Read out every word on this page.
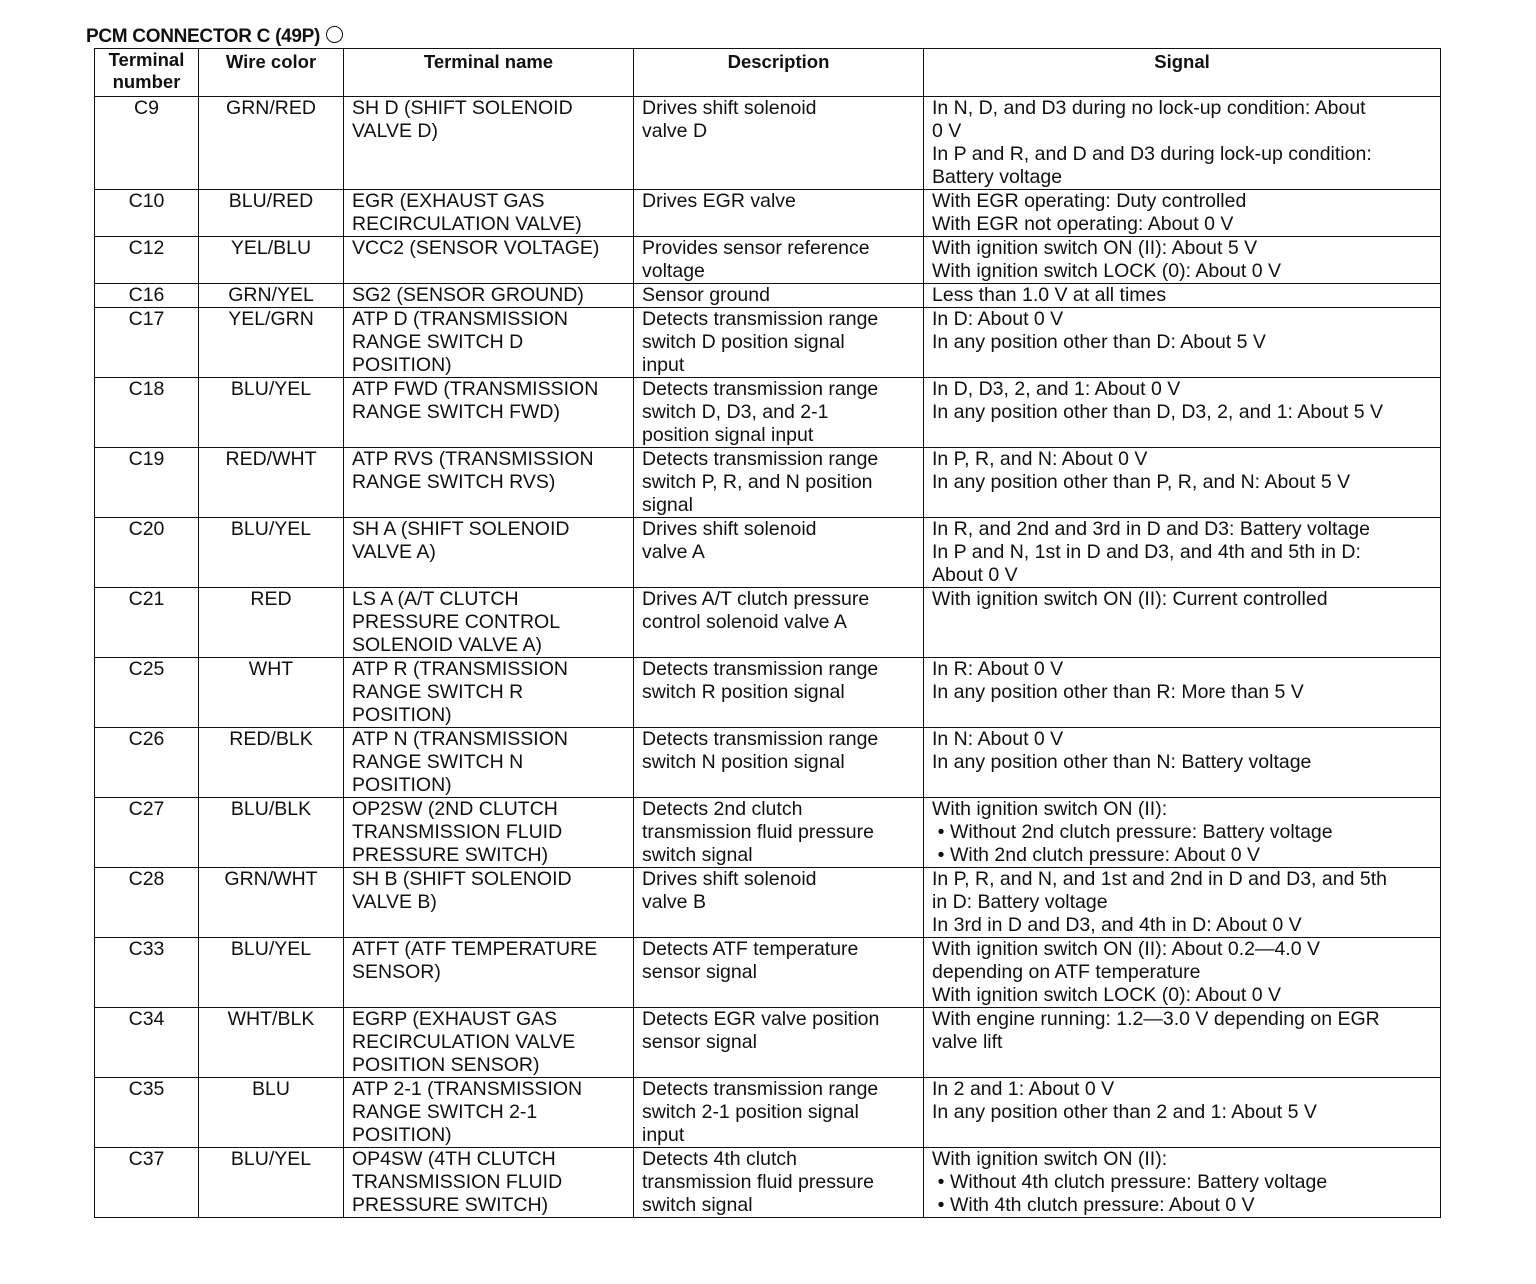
PCM CONNECTOR C (49P)
Terminal number	Wire color	Terminal name	Description	Signal

C9	GRN/RED	SH D (SHIFT SOLENOID
VALVE D)	Drives shift solenoid
valve D	In N, D, and D3 during no lock-up condition: About
0 V
In P and R, and D and D3 during lock-up condition:
Battery voltage

C10	BLU/RED	EGR (EXHAUST GAS
RECIRCULATION VALVE)	Drives EGR valve	With EGR operating: Duty controlled
With EGR not operating: About 0 V

C12	YEL/BLU	VCC2 (SENSOR VOLTAGE)	Provides sensor reference
voltage	With ignition switch ON (II): About 5 V
With ignition switch LOCK (0): About 0 V

C16	GRN/YEL	SG2 (SENSOR GROUND)	Sensor ground	Less than 1.0 V at all times

C17	YEL/GRN	ATP D (TRANSMISSION
RANGE SWITCH D
POSITION)	Detects transmission range
switch D position signal
input	In D: About 0 V
In any position other than D: About 5 V

C18	BLU/YEL	ATP FWD (TRANSMISSION
RANGE SWITCH FWD)	Detects transmission range
switch D, D3, and 2-1
position signal input	In D, D3, 2, and 1: About 0 V
In any position other than D, D3, 2, and 1: About 5 V

C19	RED/WHT	ATP RVS (TRANSMISSION
RANGE SWITCH RVS)	Detects transmission range
switch P, R, and N position
signal	In P, R, and N: About 0 V
In any position other than P, R, and N: About 5 V

C20	BLU/YEL	SH A (SHIFT SOLENOID
VALVE A)	Drives shift solenoid
valve A	In R, and 2nd and 3rd in D and D3: Battery voltage
In P and N, 1st in D and D3, and 4th and 5th in D:
About 0 V

C21	RED	LS A (A/T CLUTCH
PRESSURE CONTROL
SOLENOID VALVE A)	Drives A/T clutch pressure
control solenoid valve A	With ignition switch ON (II): Current controlled

C25	WHT	ATP R (TRANSMISSION
RANGE SWITCH R
POSITION)	Detects transmission range
switch R position signal	In R: About 0 V
In any position other than R: More than 5 V

C26	RED/BLK	ATP N (TRANSMISSION
RANGE SWITCH N
POSITION)	Detects transmission range
switch N position signal	In N: About 0 V
In any position other than N: Battery voltage

C27	BLU/BLK	OP2SW (2ND CLUTCH
TRANSMISSION FLUID
PRESSURE SWITCH)	Detects 2nd clutch
transmission fluid pressure
switch signal	With ignition switch ON (II):
• Without 2nd clutch pressure: Battery voltage
• With 2nd clutch pressure: About 0 V

C28	GRN/WHT	SH B (SHIFT SOLENOID
VALVE B)	Drives shift solenoid
valve B	In P, R, and N, and 1st and 2nd in D and D3, and 5th
in D: Battery voltage
In 3rd in D and D3, and 4th in D: About 0 V

C33	BLU/YEL	ATFT (ATF TEMPERATURE
SENSOR)	Detects ATF temperature
sensor signal	With ignition switch ON (II): About 0.2—4.0 V
depending on ATF temperature
With ignition switch LOCK (0): About 0 V

C34	WHT/BLK	EGRP (EXHAUST GAS
RECIRCULATION VALVE
POSITION SENSOR)	Detects EGR valve position
sensor signal	With engine running: 1.2—3.0 V depending on EGR
valve lift

C35	BLU	ATP 2-1 (TRANSMISSION
RANGE SWITCH 2-1
POSITION)	Detects transmission range
switch 2-1 position signal
input	In 2 and 1: About 0 V
In any position other than 2 and 1: About 5 V

C37	BLU/YEL	OP4SW (4TH CLUTCH
TRANSMISSION FLUID
PRESSURE SWITCH)	Detects 4th clutch
transmission fluid pressure
switch signal	With ignition switch ON (II):
• Without 4th clutch pressure: Battery voltage
• With 4th clutch pressure: About 0 V
